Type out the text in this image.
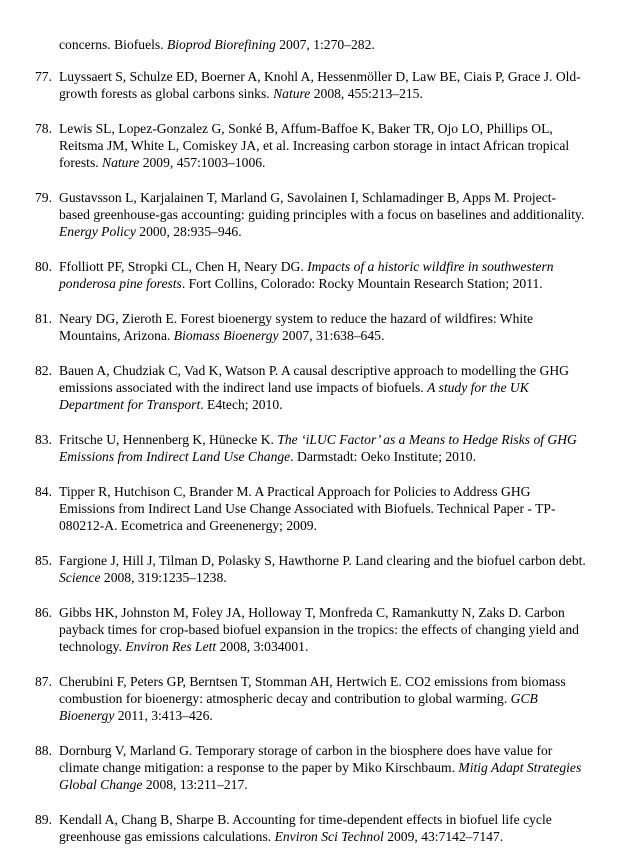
concerns. Biofuels. Bioprod Biorefining 2007, 1:270–282.
77. Luyssaert S, Schulze ED, Boerner A, Knohl A, Hessenmöller D, Law BE, Ciais P, Grace J. Old-growth forests as global carbons sinks. Nature 2008, 455:213–215.
78. Lewis SL, Lopez-Gonzalez G, Sonké B, Affum-Baffoe K, Baker TR, Ojo LO, Phillips OL, Reitsma JM, White L, Comiskey JA, et al. Increasing carbon storage in intact African tropical forests. Nature 2009, 457:1003–1006.
79. Gustavsson L, Karjalainen T, Marland G, Savolainen I, Schlamadinger B, Apps M. Project-based greenhouse-gas accounting: guiding principles with a focus on baselines and additionality. Energy Policy 2000, 28:935–946.
80. Ffolliott PF, Stropki CL, Chen H, Neary DG. Impacts of a historic wildfire in southwestern ponderosa pine forests. Fort Collins, Colorado: Rocky Mountain Research Station; 2011.
81. Neary DG, Zieroth E. Forest bioenergy system to reduce the hazard of wildfires: White Mountains, Arizona. Biomass Bioenergy 2007, 31:638–645.
82. Bauen A, Chudziak C, Vad K, Watson P. A causal descriptive approach to modelling the GHG emissions associated with the indirect land use impacts of biofuels. A study for the UK Department for Transport. E4tech; 2010.
83. Fritsche U, Hennenberg K, Hünecke K. The ‘iLUC Factor’ as a Means to Hedge Risks of GHG Emissions from Indirect Land Use Change. Darmstadt: Oeko Institute; 2010.
84. Tipper R, Hutchison C, Brander M. A Practical Approach for Policies to Address GHG Emissions from Indirect Land Use Change Associated with Biofuels. Technical Paper - TP-080212-A. Ecometrica and Greenenergy; 2009.
85. Fargione J, Hill J, Tilman D, Polasky S, Hawthorne P. Land clearing and the biofuel carbon debt. Science 2008, 319:1235–1238.
86. Gibbs HK, Johnston M, Foley JA, Holloway T, Monfreda C, Ramankutty N, Zaks D. Carbon payback times for crop-based biofuel expansion in the tropics: the effects of changing yield and technology. Environ Res Lett 2008, 3:034001.
87. Cherubini F, Peters GP, Berntsen T, Stomman AH, Hertwich E. CO2 emissions from biomass combustion for bioenergy: atmospheric decay and contribution to global warming. GCB Bioenergy 2011, 3:413–426.
88. Dornburg V, Marland G. Temporary storage of carbon in the biosphere does have value for climate change mitigation: a response to the paper by Miko Kirschbaum. Mitig Adapt Strategies Global Change 2008, 13:211–217.
89. Kendall A, Chang B, Sharpe B. Accounting for time-dependent effects in biofuel life cycle greenhouse gas emissions calculations. Environ Sci Technol 2009, 43:7142–7147.
